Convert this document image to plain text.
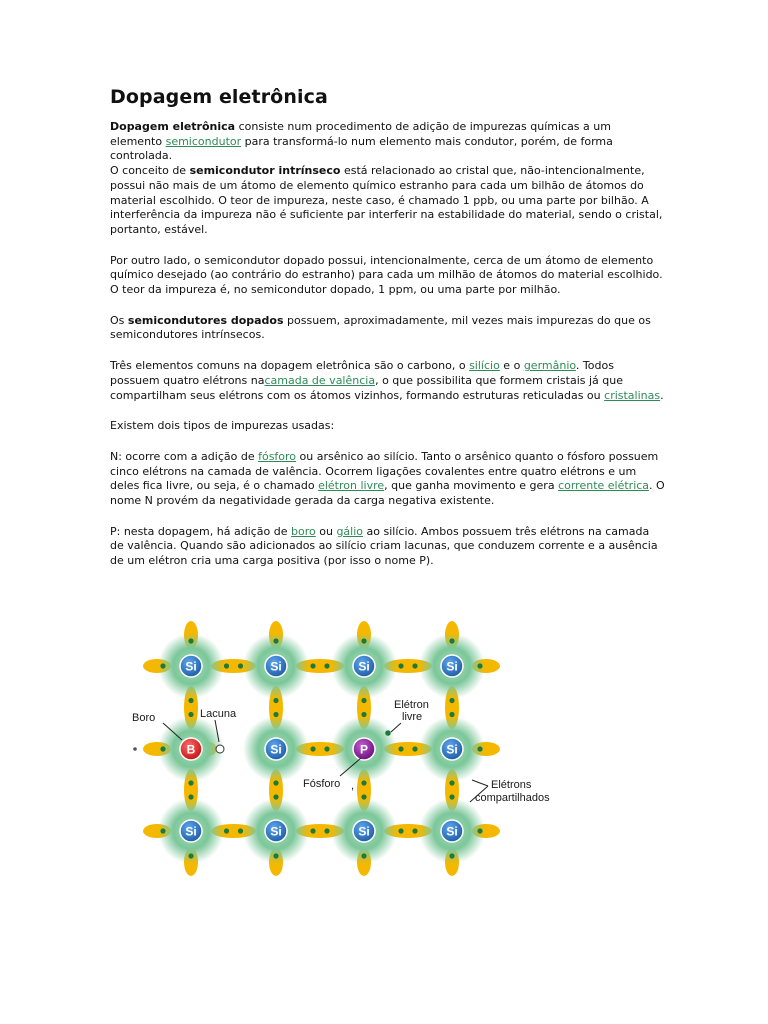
Dopagem eletrônica

Dopagem eletrônica consiste num procedimento de adição de impurezas químicas a um elemento semicondutor para transformá-lo num elemento mais condutor, porém, de forma controlada.

O conceito de semicondutor intrínseco está relacionado ao cristal que, não-intencionalmente, possui não mais de um átomo de elemento químico estranho para cada um bilhão de átomos do material escolhido. O teor de impureza, neste caso, é chamado 1 ppb, ou uma parte por bilhão. A interferência da impureza não é suficiente par interferir na estabilidade do material, sendo o cristal, portanto, estável.

Por outro lado, o semicondutor dopado possui, intencionalmente, cerca de um átomo de elemento químico desejado (ao contrário do estranho) para cada um milhão de átomos do material escolhido. O teor da impureza é, no semicondutor dopado, 1 ppm, ou uma parte por milhão.

Os semicondutores dopados possuem, aproximadamente, mil vezes mais impurezas do que os semicondutores intrínsecos.

Três elementos comuns na dopagem eletrônica são o carbono, o silício e o germânio. Todos possuem quatro elétrons nacamada de valência, o que possibilita que formem cristais já que compartilham seus elétrons com os átomos vizinhos, formando estruturas reticuladas ou cristalinas.

Existem dois tipos de impurezas usadas:

N: ocorre com a adição de fósforo ou arsênico ao silício. Tanto o arsênico quanto o fósforo possuem cinco elétrons na camada de valência. Ocorrem ligações covalentes entre quatro elétrons e um deles fica livre, ou seja, é o chamado elétron livre, que ganha movimento e gera corrente elétrica. O nome N provém da negatividade gerada da carga negativa existente.

P: nesta dopagem, há adição de boro ou gálio ao silício. Ambos possuem três elétrons na camada de valência. Quando são adicionados ao silício criam lacunas, que conduzem corrente e a ausência de um elétron cria uma carga positiva (por isso o nome P).

Si	Si	Si	Si
B	Si	P	Si
Si	Si	Si	Si
Boro	Lacuna
Elétron
livre
Fósforo ,	Elétrons
compartilhados
